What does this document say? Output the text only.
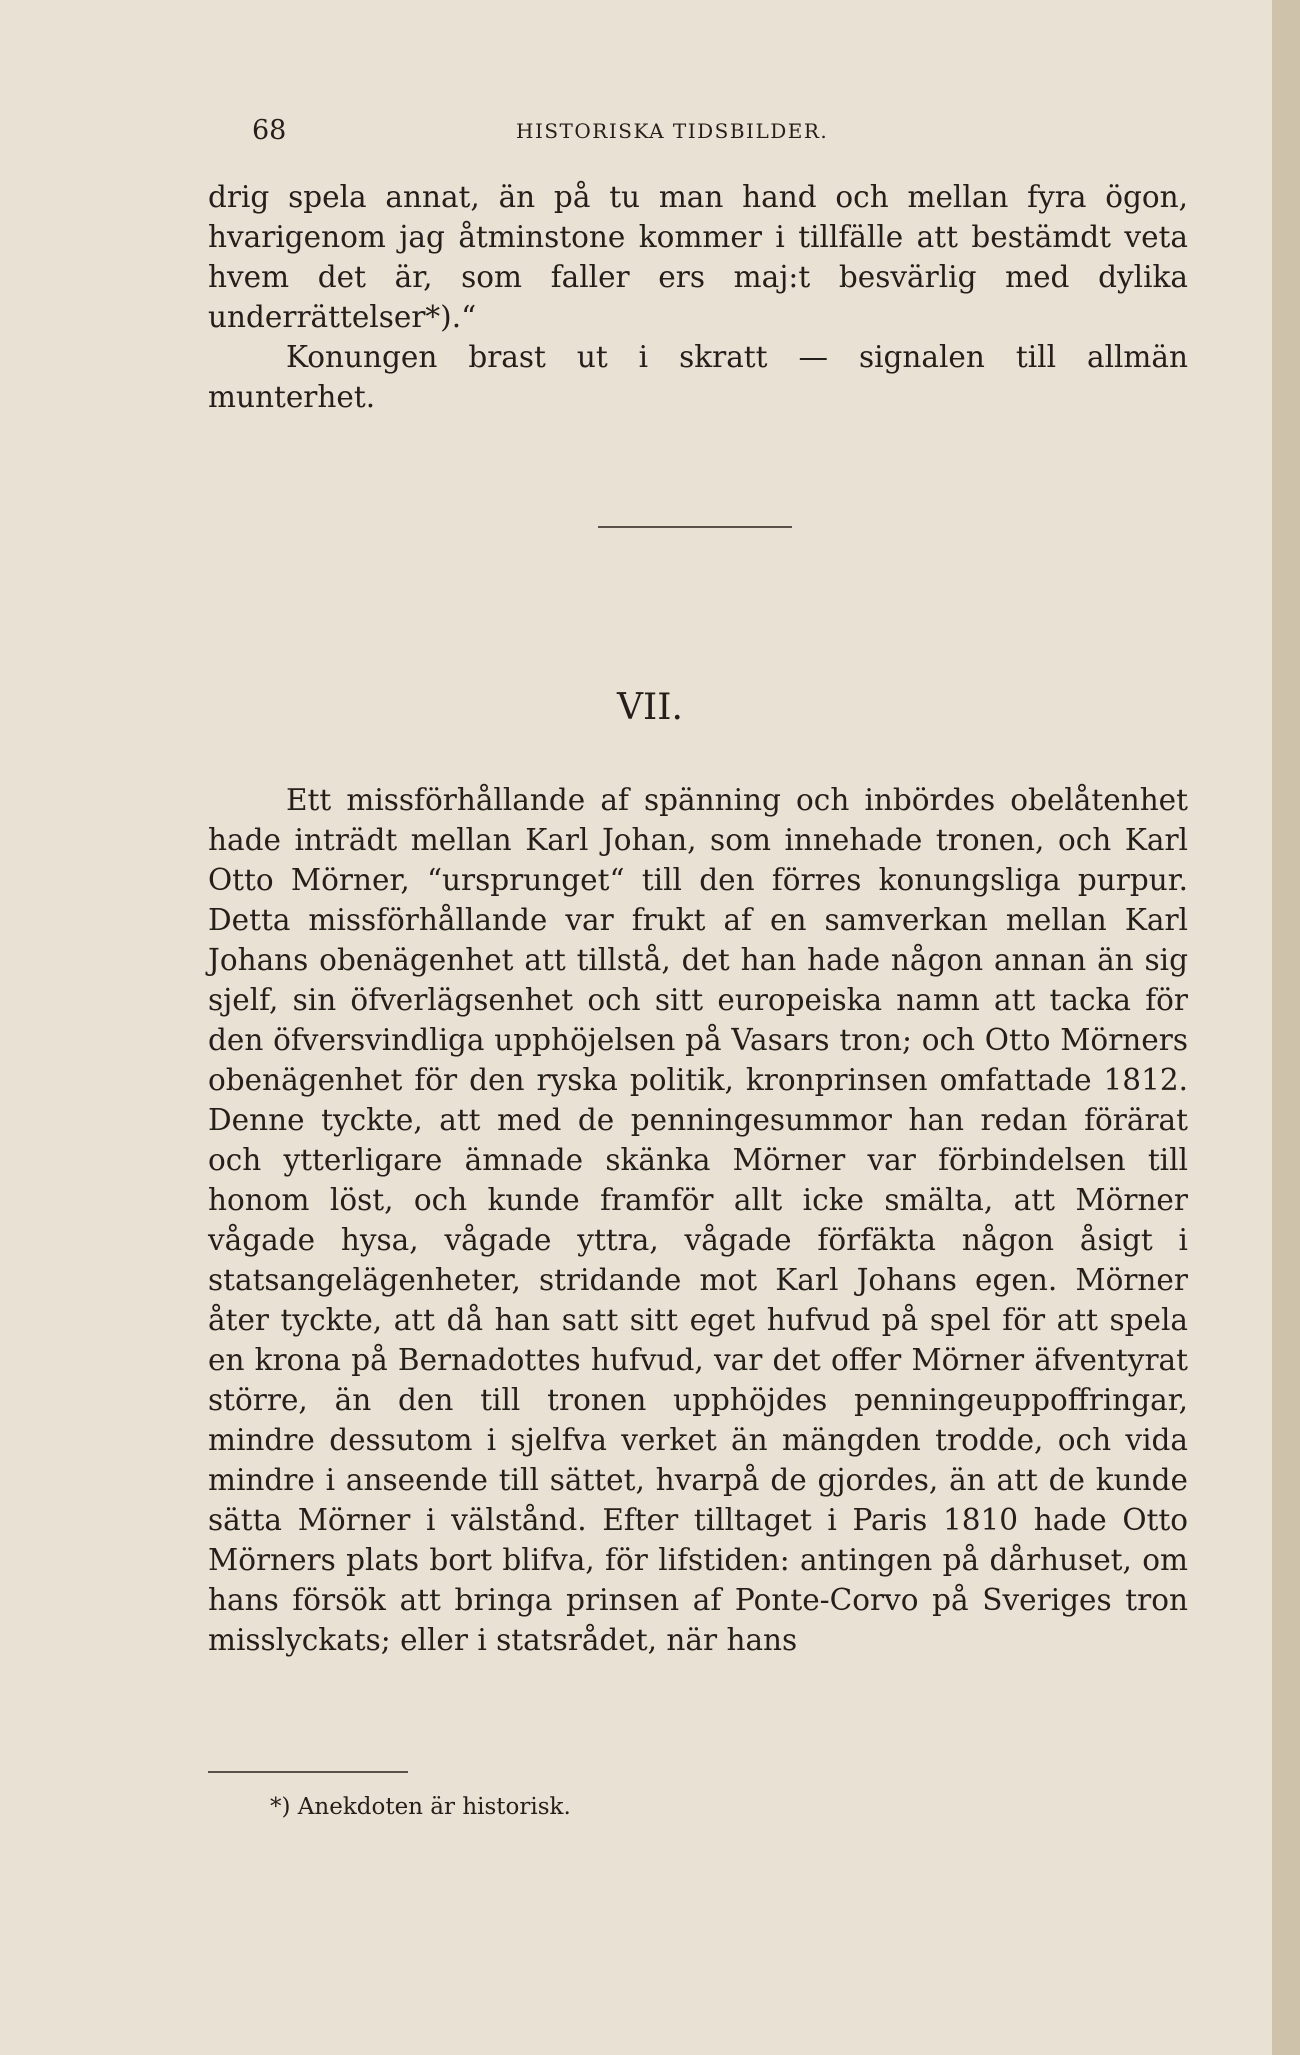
68	HISTORISKA TIDSBILDER.

drig spela annat, än på tu man hand och mellan fyra ögon, hvarigenom jag åtminstone kommer i tillfälle att bestämdt veta hvem det är, som faller ers maj:t besvärlig med dylika underrättelser*).“

Konungen brast ut i skratt — signalen till allmän munterhet.

VII.

Ett missförhållande af spänning och inbördes obelåtenhet hade inträdt mellan Karl Johan, som innehade tronen, och Karl Otto Mörner, “ursprunget“ till den förres konungsliga purpur. Detta missförhållande var frukt af en samverkan mellan Karl Johans obenägenhet att tillstå, det han hade någon annan än sig sjelf, sin öfverlägsenhet och sitt europeiska namn att tacka för den öfversvindliga upphöjelsen på Vasars tron; och Otto Mörners obenägenhet för den ryska politik, kronprinsen omfattade 1812. Denne tyckte, att med de penningesummor han redan förärat och ytterligare ämnade skänka Mörner var förbindelsen till honom löst, och kunde framför allt icke smälta, att Mörner vågade hysa, vågade yttra, vågade förfäkta någon åsigt i statsangelägenheter, stridande mot Karl Johans egen. Mörner åter tyckte, att då han satt sitt eget hufvud på spel för att spela en krona på Bernadottes hufvud, var det offer Mörner äfventyrat större, än den till tronen upphöjdes penningeuppoffringar, mindre dessutom i sjelfva verket än mängden trodde, och vida mindre i anseende till sättet, hvarpå de gjordes, än att de kunde sätta Mörner i välstånd. Efter tilltaget i Paris 1810 hade Otto Mörners plats bort blifva, för lifstiden: antingen på dårhuset, om hans försök att bringa prinsen af Ponte-Corvo på Sveriges tron misslyckats; eller i statsrådet, när hans

*) Anekdoten är historisk.
